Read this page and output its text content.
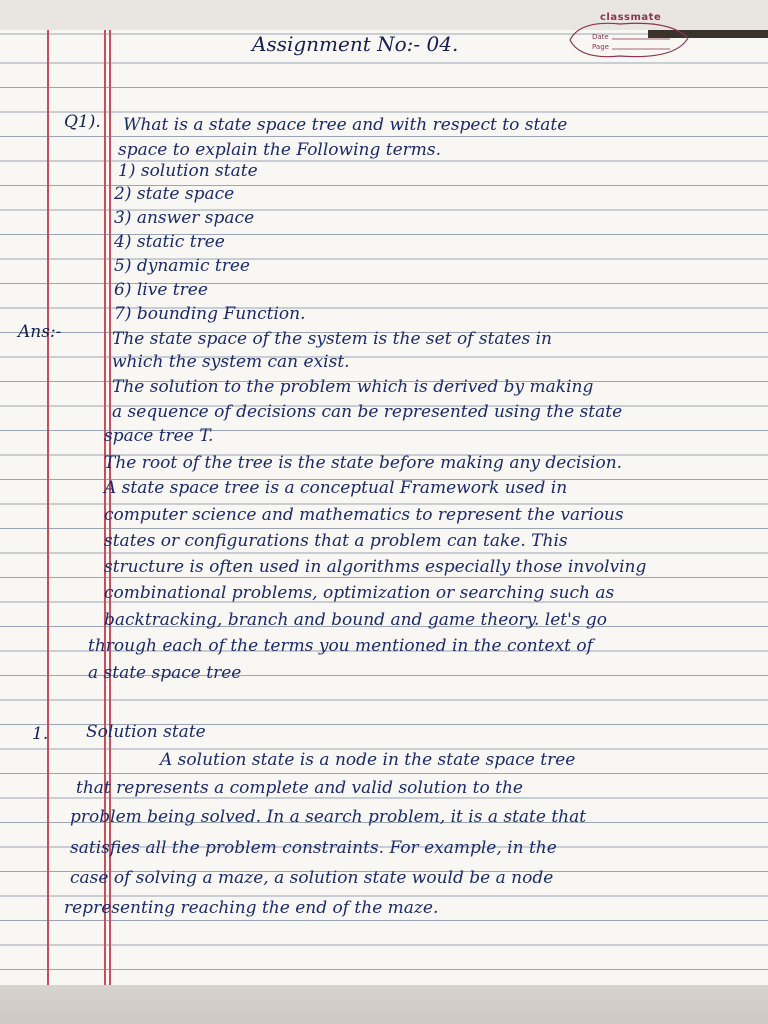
classmate
Date
Page
Assignment No:- 04.
Q1). What is a state space tree and with respect to state
space to explain the Following terms.
1) solution state
2) state space
3) answer space
4) static tree
5) dynamic tree
6) live tree
7) bounding Function.
Ans:-	The state space of the system is the set of states in
which the system can exist.
The solution to the problem which is derived by making
a sequence of decisions can be represented using the state
space tree T.
The root of the tree is the state before making any decision.
A state space tree is a conceptual Framework used in
computer science and mathematics to represent the various
states or configurations that a problem can take. This
structure is often used in algorithms especially those involving
combinational problems, optimization or searching such as
backtracking, branch and bound and game theory. let's go
through each of the terms you mentioned in the context of
a state space tree
1. Solution state
A solution state is a node in the state space tree
that represents a complete and valid solution to the
problem being solved. In a search problem, it is a state that
satisfies all the problem constraints. For example, in the
case of solving a maze, a solution state would be a node
representing reaching the end of the maze.
